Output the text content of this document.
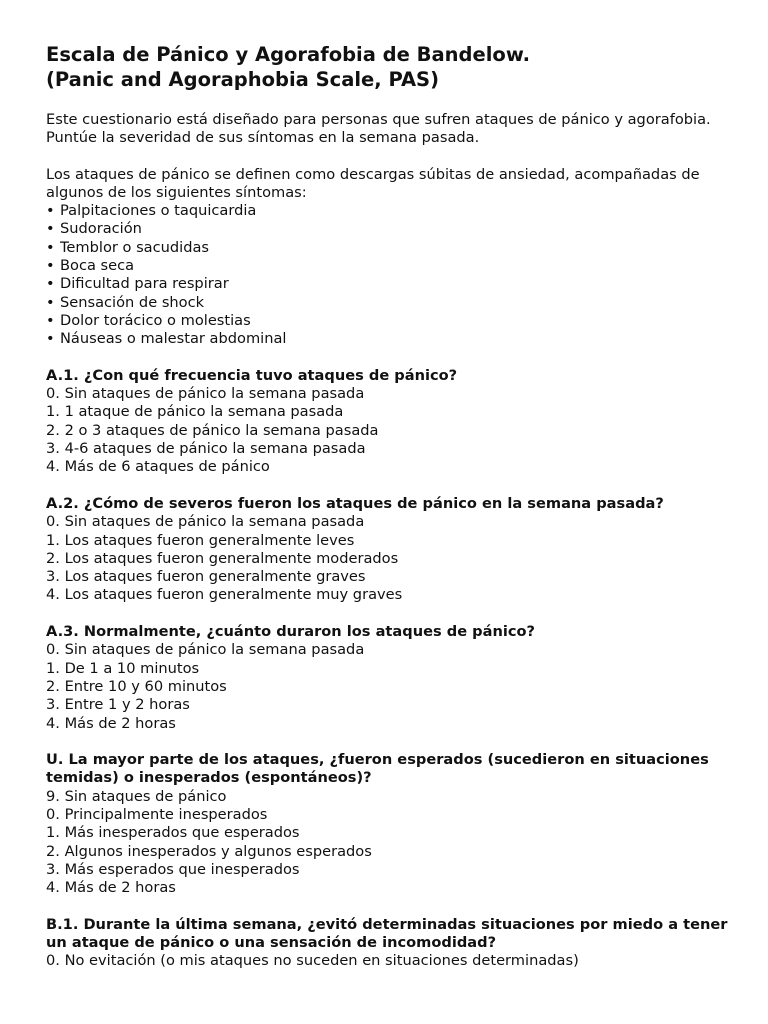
Escala de Pánico y Agorafobia de Bandelow.
(Panic and Agoraphobia Scale, PAS)

Este cuestionario está diseñado para personas que sufren ataques de pánico y agorafobia. Puntúe la severidad de sus síntomas en la semana pasada.

Los ataques de pánico se definen como descargas súbitas de ansiedad, acompañadas de algunos de los siguientes síntomas:

• Palpitaciones o taquicardia
• Sudoración
• Temblor o sacudidas
• Boca seca
• Dificultad para respirar
• Sensación de shock
• Dolor torácico o molestias
• Náuseas o malestar abdominal

A.1. ¿Con qué frecuencia tuvo ataques de pánico?

0. Sin ataques de pánico la semana pasada
1. 1 ataque de pánico la semana pasada
2. 2 o 3 ataques de pánico la semana pasada
3. 4-6 ataques de pánico la semana pasada
4. Más de 6 ataques de pánico

A.2. ¿Cómo de severos fueron los ataques de pánico en la semana pasada?

0. Sin ataques de pánico la semana pasada
1. Los ataques fueron generalmente leves
2. Los ataques fueron generalmente moderados
3. Los ataques fueron generalmente graves
4. Los ataques fueron generalmente muy graves

A.3. Normalmente, ¿cuánto duraron los ataques de pánico?

0. Sin ataques de pánico la semana pasada
1. De 1 a 10 minutos
2. Entre 10 y 60 minutos
3. Entre 1 y 2 horas
4. Más de 2 horas

U. La mayor parte de los ataques, ¿fueron esperados (sucedieron en situaciones temidas) o inesperados (espontáneos)?

9. Sin ataques de pánico
0. Principalmente inesperados
1. Más inesperados que esperados
2. Algunos inesperados y algunos esperados
3. Más esperados que inesperados
4. Más de 2 horas

B.1. Durante la última semana, ¿evitó determinadas situaciones por miedo a tener un ataque de pánico o una sensación de incomodidad?

0. No evitación (o mis ataques no suceden en situaciones determinadas)
